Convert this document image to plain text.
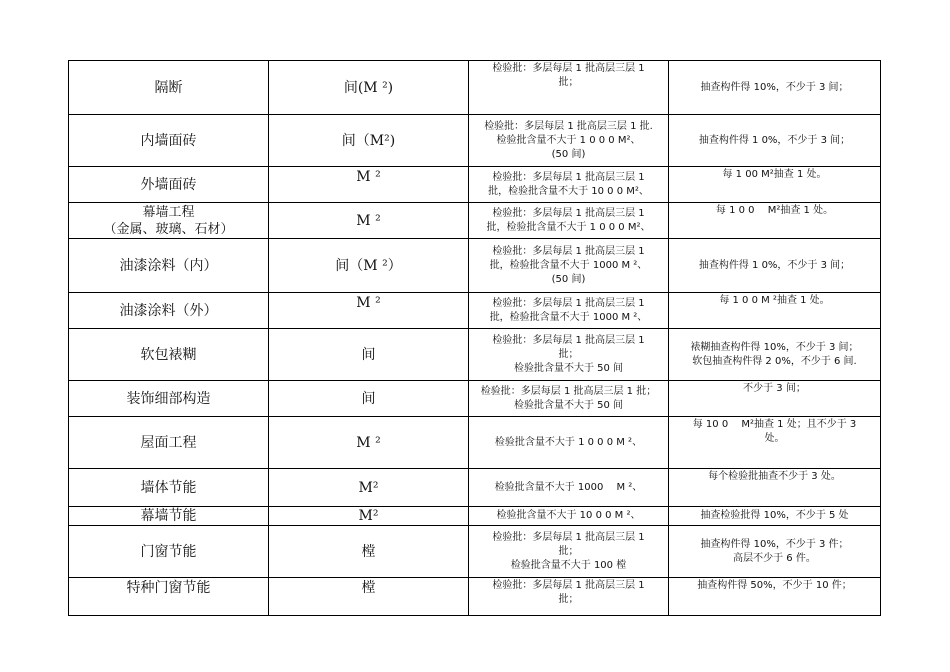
隔断	间(M ²)	检验批：多层每层 1 批高层三层 1
批；	抽查构件得 10%，不少于 3 间；

内墙面砖	间（M²)	检验批：多层每层 1 批高层三层 1 批.
检验批含量不大于 1 0 0 0 M²、
(50 间)	抽查构件得 1 0%，不少于 3 间；

外墙面砖	M ²	检验批：多层每层 1 批高层三层 1
批，检验批含量不大于 10 0 0 M²、	每 1 00 M²抽查 1 处。

幕墙工程
（金属、玻璃、石材）	M ²	检验批：多层每层 1 批高层三层 1
批，检验批含量不大于 1 0 0 0 M²、	每 1 0 0 　M²抽查 1 处。

油漆涂料（内）	间（M ²）	检验批：多层每层 1 批高层三层 1
批，检验批含量不大于 1000 M ²、
(50 间)	抽查构件得 1 0%，不少于 3 间；

油漆涂料（外）	M ²	检验批：多层每层 1 批高层三层 1
批，检验批含量不大于 1000 M ²、	每 1 0 0 M ²抽查 1 处。

软包裱糊	间	检验批：多层每层 1 批高层三层 1
批；
检验批含量不大于 50 间	裱糊抽查构件得 10%，不少于 3 间；
软包抽查构件得 2 0%，不少于 6 间.

装饰细部构造	间	检验批：多层每层 1 批高层三层 1 批；
检验批含量不大于 50 间	不少于 3 间；

屋面工程	M ²	检验批含量不大于 1 0 0 0 M ²、	每 10 0 　M²抽查 1 处；且不少于 3
处。

墙体节能	M²	检验批含量不大于 1000 　M ²、	每个检验批抽查不少于 3 处。

幕墙节能	M²	检验批含量不大于 10 0 0 M ²、	抽查检验批得 10%，不少于 5 处

门窗节能	樘	检验批：多层每层 1 批高层三层 1
批；
检验批含量不大于 100 樘	抽查构件得 10%，不少于 3 件；
高层不少于 6 件。

特种门窗节能	樘	检验批：多层每层 1 批高层三层 1
批；	抽查构件得 50%，不少于 10 件；
